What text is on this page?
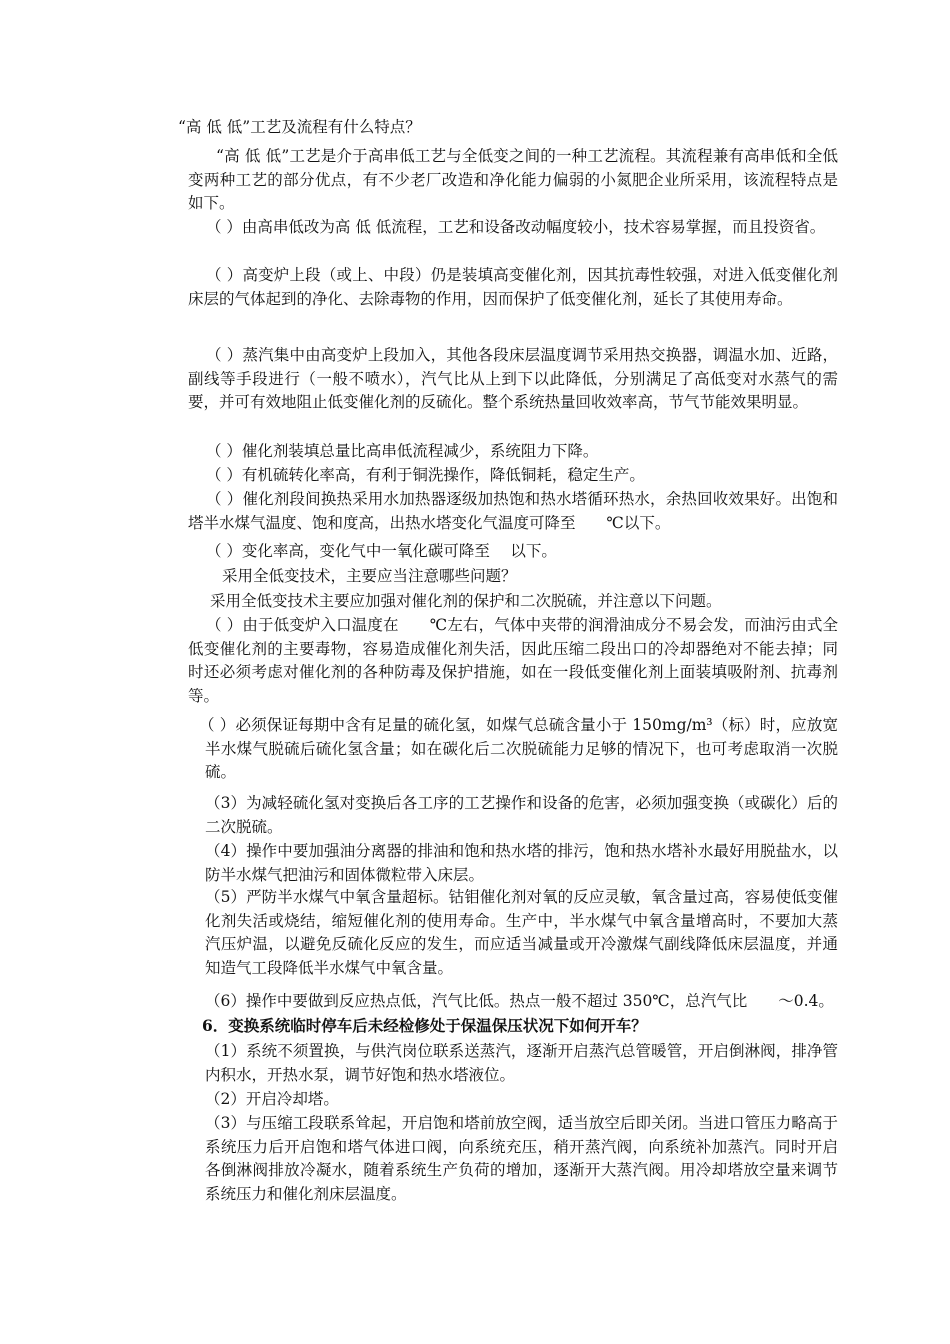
“高 低 低”工艺及流程有什么特点？

“高 低 低”工艺是介于高串低工艺与全低变之间的一种工艺流程。其流程兼有高串低和全低变两种工艺的部分优点，有不少老厂改造和净化能力偏弱的小氮肥企业所采用，该流程特点是如下。

（ ）由高串低改为高 低 低流程，工艺和设备改动幅度较小，技术容易掌握，而且投资省。

（ ）高变炉上段（或上、中段）仍是装填高变催化剂，因其抗毒性较强，对进入低变催化剂床层的气体起到的净化、去除毒物的作用，因而保护了低变催化剂，延长了其使用寿命。

（ ）蒸汽集中由高变炉上段加入，其他各段床层温度调节采用热交换器，调温水加、近路，副线等手段进行（一般不喷水），汽气比从上到下以此降低，分别满足了高低变对水蒸气的需要，并可有效地阻止低变催化剂的反硫化。整个系统热量回收效率高，节气节能效果明显。

（ ）催化剂装填总量比高串低流程减少，系统阻力下降。

（ ）有机硫转化率高，有利于铜洗操作，降低铜耗，稳定生产。

（ ）催化剂段间换热采用水加热器逐级加热饱和热水塔循环热水，余热回收效果好。出饱和塔半水煤气温度、饱和度高，出热水塔变化气温度可降至　　℃以下。

（ ）变化率高，变化气中一氧化碳可降至　 以下。

采用全低变技术，主要应当注意哪些问题？

采用全低变技术主要应加强对催化剂的保护和二次脱硫，并注意以下问题。

（ ）由于低变炉入口温度在　　℃左右，气体中夹带的润滑油成分不易会发，而油污由式全低变催化剂的主要毒物，容易造成催化剂失活，因此压缩二段出口的冷却器绝对不能去掉；同时还必须考虑对催化剂的各种防毒及保护措施，如在一段低变催化剂上面装填吸附剂、抗毒剂等。

（ ）必须保证每期中含有足量的硫化氢，如煤气总硫含量小于 150mg/m³（标）时，应放宽半水煤气脱硫后硫化氢含量；如在碳化后二次脱硫能力足够的情况下，也可考虑取消一次脱硫。

（3）为减轻硫化氢对变换后各工序的工艺操作和设备的危害，必须加强变换（或碳化）后的二次脱硫。

（4）操作中要加强油分离器的排油和饱和热水塔的排污，饱和热水塔补水最好用脱盐水，以防半水煤气把油污和固体微粒带入床层。

（5）严防半水煤气中氧含量超标。钴钼催化剂对氧的反应灵敏，氧含量过高，容易使低变催化剂失活或烧结，缩短催化剂的使用寿命。生产中，半水煤气中氧含量增高时，不要加大蒸汽压炉温，以避免反硫化反应的发生，而应适当减量或开冷激煤气副线降低床层温度，并通知造气工段降低半水煤气中氧含量。

（6）操作中要做到反应热点低，汽气比低。热点一般不超过 350℃，总汽气比　　～0.4。

6．变换系统临时停车后未经检修处于保温保压状况下如何开车？

（1）系统不须置换，与供汽岗位联系送蒸汽，逐渐开启蒸汽总管暖管，开启倒淋阀，排净管内积水，开热水泵，调节好饱和热水塔液位。

（2）开启冷却塔。

（3）与压缩工段联系耸起，开启饱和塔前放空阀，适当放空后即关闭。当进口管压力略高于系统压力后开启饱和塔气体进口阀，向系统充压，稍开蒸汽阀，向系统补加蒸汽。同时开启各倒淋阀排放冷凝水，随着系统生产负荷的增加，逐渐开大蒸汽阀。用冷却塔放空量来调节系统压力和催化剂床层温度。
